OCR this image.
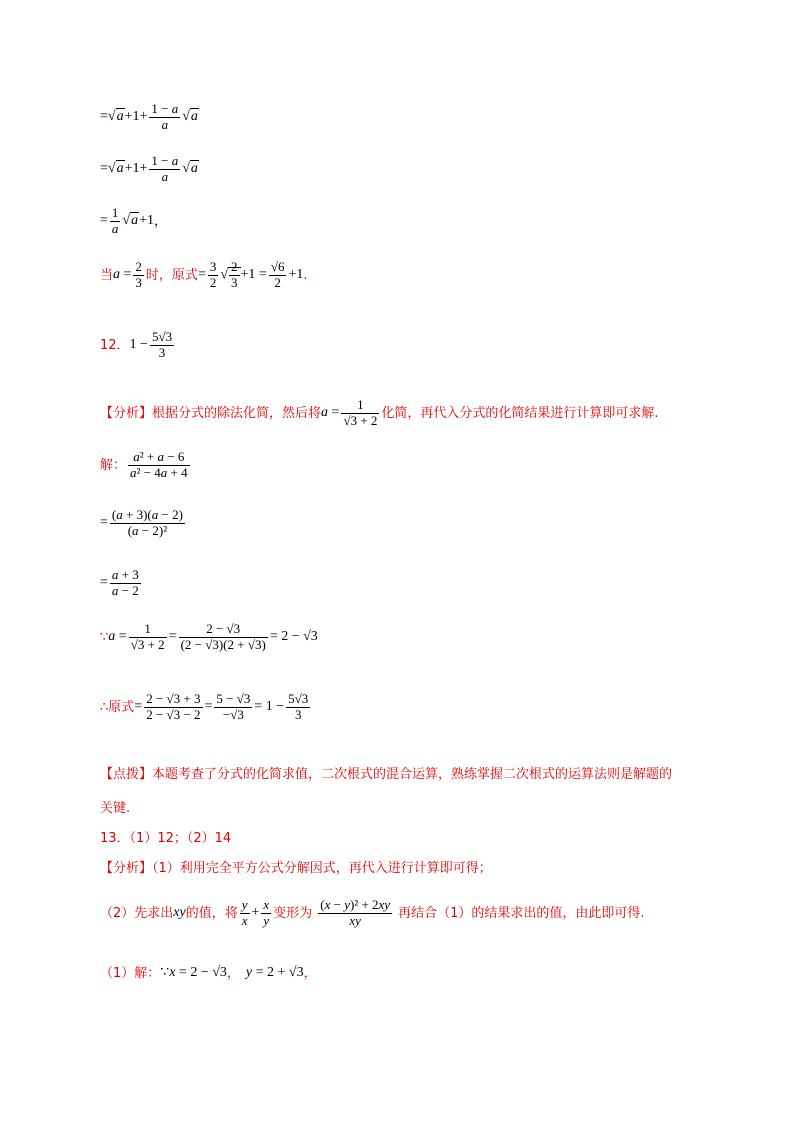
= $√a +1+ \frac{1 - a}{a} √a$
= $√a +1+ \frac{1 - a}{a} √a$
= $\frac{1}{a} √a +1$ ，
当 $a = \frac{2}{3}$ 时，原式 = $\frac{3}{2}$ √ $\frac{2}{3} +1 = \frac{√6}{2} +1$ .
12． $1 - \frac{5√3}{3}$
【分析】 根据分式的除法化简，然后将 $a = \frac{1}{√3 + 2}$ 化简，再代入分式的化简结果进行计算即可求解.
解： $\frac{\text{a² + a − 6}}{\text{a² − 4a + 4}}$
= $\frac{(a + 3)(a - 2)}{\text{(a − 2)²}}$
= $\frac{a + 3}{a - 2}$
∵ $a = \frac{1}{√3 + 2} = \frac{2 - √3}{(2 - √3)(2 + √3)} = 2 - √3$
∴原式 = $\frac{2 - √3 + 3}{2 - √3 - 2} = \frac{5 - √3}{-√3} = 1 - \frac{5√3}{3}$
【点拨】本题考查了分式的化简求值，二次根式的混合运算，熟练掌握二次根式的运算法则是解题的
关键.
13．（1）12；（2）14
【分析】（1）利用完全平方公式分解因式，再代入进行计算即可得；
（2）先求出 xy 的值，将 $\frac{y}{x} + \frac{x}{y}$ 变形为 $\frac{\text{(x − y)² + 2xy}}{xy}$ 再结合（1）的结果求出的值，由此即可得.
（1）解： ∵x = 2 − √3 ， y = 2 + √3 ，
